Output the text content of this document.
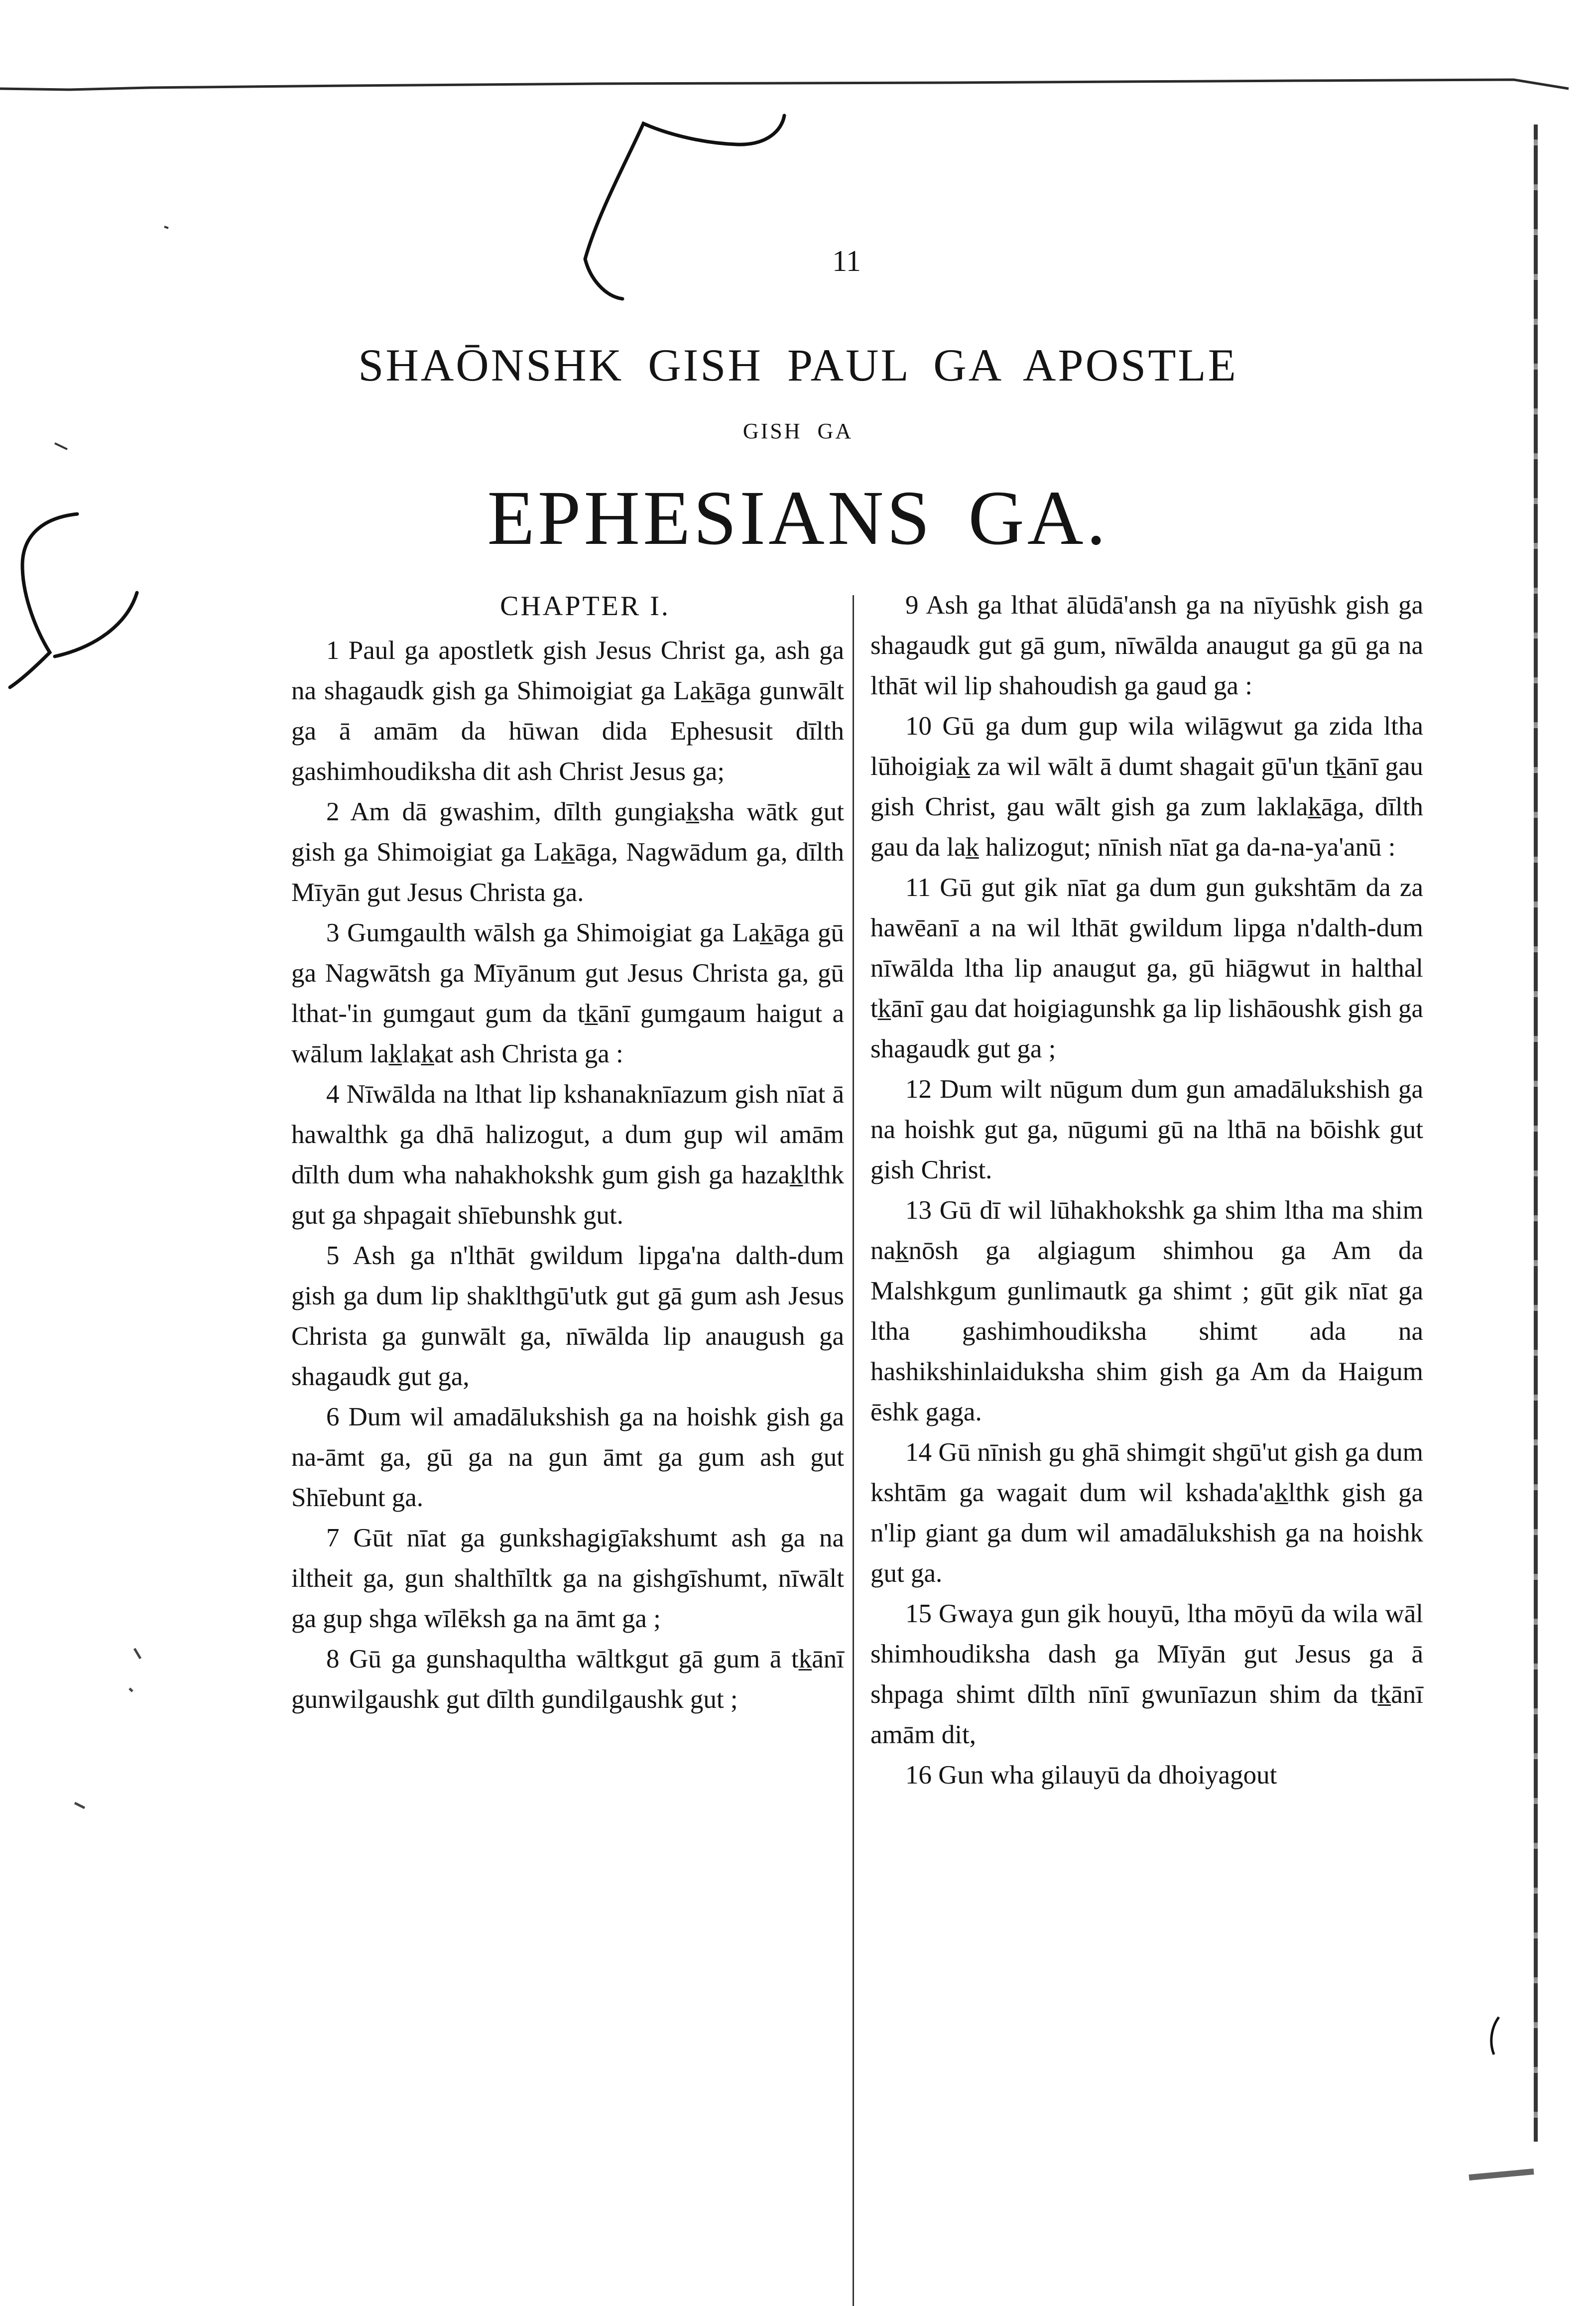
11
SHAŌNSHK GISH PAUL GA APOSTLE
GISH GA
EPHESIANS GA.
CHAPTER I.

1 Paul ga apostletk gish Jesus Christ ga, ash ga na shagaudk gish ga Shimoigiat ga Lak̲āga gunwālt ga ā amām da hūwan dida Ephesusit dīlth gashimhoudiksha dit ash Christ Jesus ga;

2 Am dā gwashim, dīlth gungiak̲sha wātk gut gish ga Shimoigiat ga Lak̲āga, Nagwādum ga, dīlth Mīyān gut Jesus Christa ga.

3 Gumgaulth wālsh ga Shimoigiat ga Lak̲āga gū ga Nagwātsh ga Mīyānum gut Jesus Christa ga, gū lthat-'in gumgaut gum da tk̲ānī gumgaum haigut a wālum lak̲lak̲at ash Christa ga :

4 Nīwālda na lthat lip kshanaknīazum gish nīat ā hawalthk ga dhā halizogut, a dum gup wil amām dīlth dum wha nahakhokshk gum gish ga hazak̲lthk gut ga shpagait shīebunshk gut.

5 Ash ga n'lthāt gwildum lipga'na dalth-dum gish ga dum lip shaklthgū'utk gut gā gum ash Jesus Christa ga gunwālt ga, nīwālda lip anaugush ga shagaudk gut ga,

6 Dum wil amadālukshish ga na hoishk gish ga na-āmt ga, gū ga na gun āmt ga gum ash gut Shīebunt ga.

7 Gūt nīat ga gunkshagigīakshumt ash ga na iltheit ga, gun shalthīltk ga na gishgīshumt, nīwālt ga gup shga wīlēksh ga na āmt ga ;

8 Gū ga gunshaqultha wāltkgut gā gum ā tk̲ānī gunwilgaushk gut dīlth gundilgaushk gut ;

9 Ash ga lthat ālūdā'ansh ga na nīyūshk gish ga shagaudk gut gā gum, nīwālda anaugut ga gū ga na lthāt wil lip shahoudish ga gaud ga :

10 Gū ga dum gup wila wilāgwut ga zida ltha lūhoigiak̲ za wil wālt ā dumt shagait gū'un tk̲ānī gau gish Christ, gau wālt gish ga zum laklak̲āga, dīlth gau da lak̲ halizogut; nīnish nīat ga da-na-ya'anū :

11 Gū gut gik nīat ga dum gun gukshtām da za hawēanī a na wil lthāt gwildum lipga n'dalth-dum nīwālda ltha lip anaugut ga, gū hiāgwut in halthal tk̲ānī gau dat hoigiagunshk ga lip lishāoushk gish ga shagaudk gut ga ;

12 Dum wilt nūgum dum gun amadālukshish ga na hoishk gut ga, nūgumi gū na lthā na bōishk gut gish Christ.

13 Gū dī wil lūhakhokshk ga shim ltha ma shim nak̲nōsh ga algiagum shimhou ga Am da Malshkgum gunlimautk ga shimt ; gūt gik nīat ga ltha gashimhoudiksha shimt ada na hashikshinlaiduksha shim gish ga Am da Haigum ēshk gaga.

14 Gū nīnish gu ghā shimgit shgū'ut gish ga dum kshtām ga wagait dum wil kshada'ak̲lthk gish ga n'lip giant ga dum wil amadālukshish ga na hoishk gut ga.

15 Gwaya gun gik houyū, ltha mōyū da wila wāl shimhoudiksha dash ga Mīyān gut Jesus ga ā shpaga shimt dīlth nīnī gwunīazun shim da tk̲ānī amām dit,

16 Gun wha gilauyū da dhoiyagout
